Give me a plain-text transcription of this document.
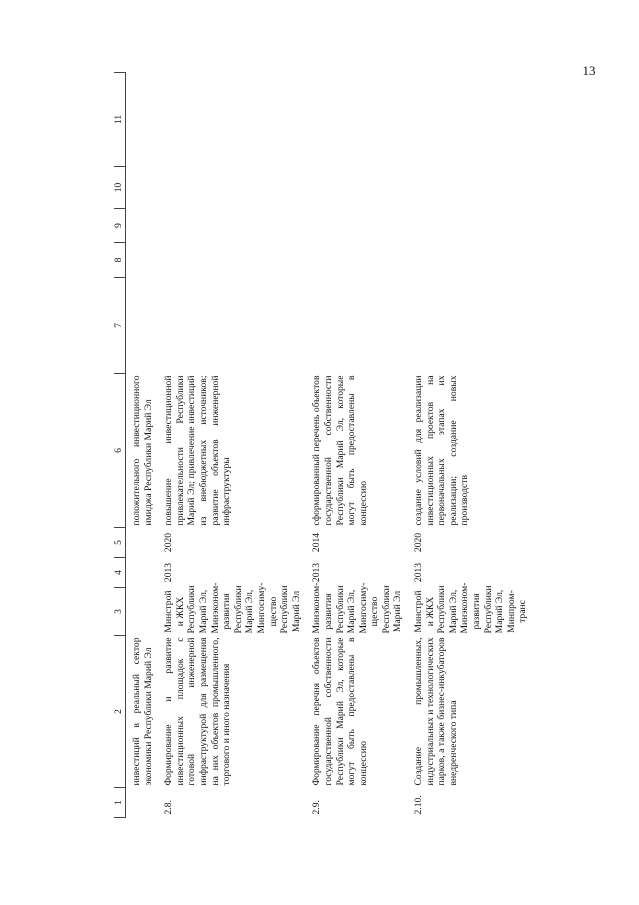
13
1	2	3	4	5	6	7	8	9	10	11
	инвестиций в реальный сектор экономики Республики Марий Эл				положительного инвестиционного имиджа Республики Марий Эл					
2.8.	Формирование и развитие инвестиционных площадок с готовой инженерной инфраструктурой для размещения на них объектов промышленного, торгового и иного назначения	Минстрой и ЖКХ Республики Марий Эл, Минэконом-развития Республики Марий Эл, Мингосиму-щество Республики Марий Эл	2013	2020	повышение инвестиционной привлекательности Республики Марий Эл; привлечение инвестиций из внебюджетных источников; развитие объектов инженерной инфраструктуры					
2.9.	Формирование перечня объектов государственной собственности Республики Марий Эл, которые могут быть предоставлены в концессию	Минэконом-развития Республики Марий Эл, Мингосиму-щество Республики Марий Эл	2013	2014	сформированный перечень объектов государственной собственности Республики Марий Эл, которые могут быть предоставлены в концессию					
2.10.	Создание промышленных, индустриальных и технологических парков, а также бизнес-инкубаторов внедренческого типа	Минстрой и ЖКХ Республики Марий Эл, Минэконом-развития Республики Марий Эл, Минпром-транс	2013	2020	создание условий для реализации инвестиционных проектов на первоначальных этапах их реализации; создание новых производств					
